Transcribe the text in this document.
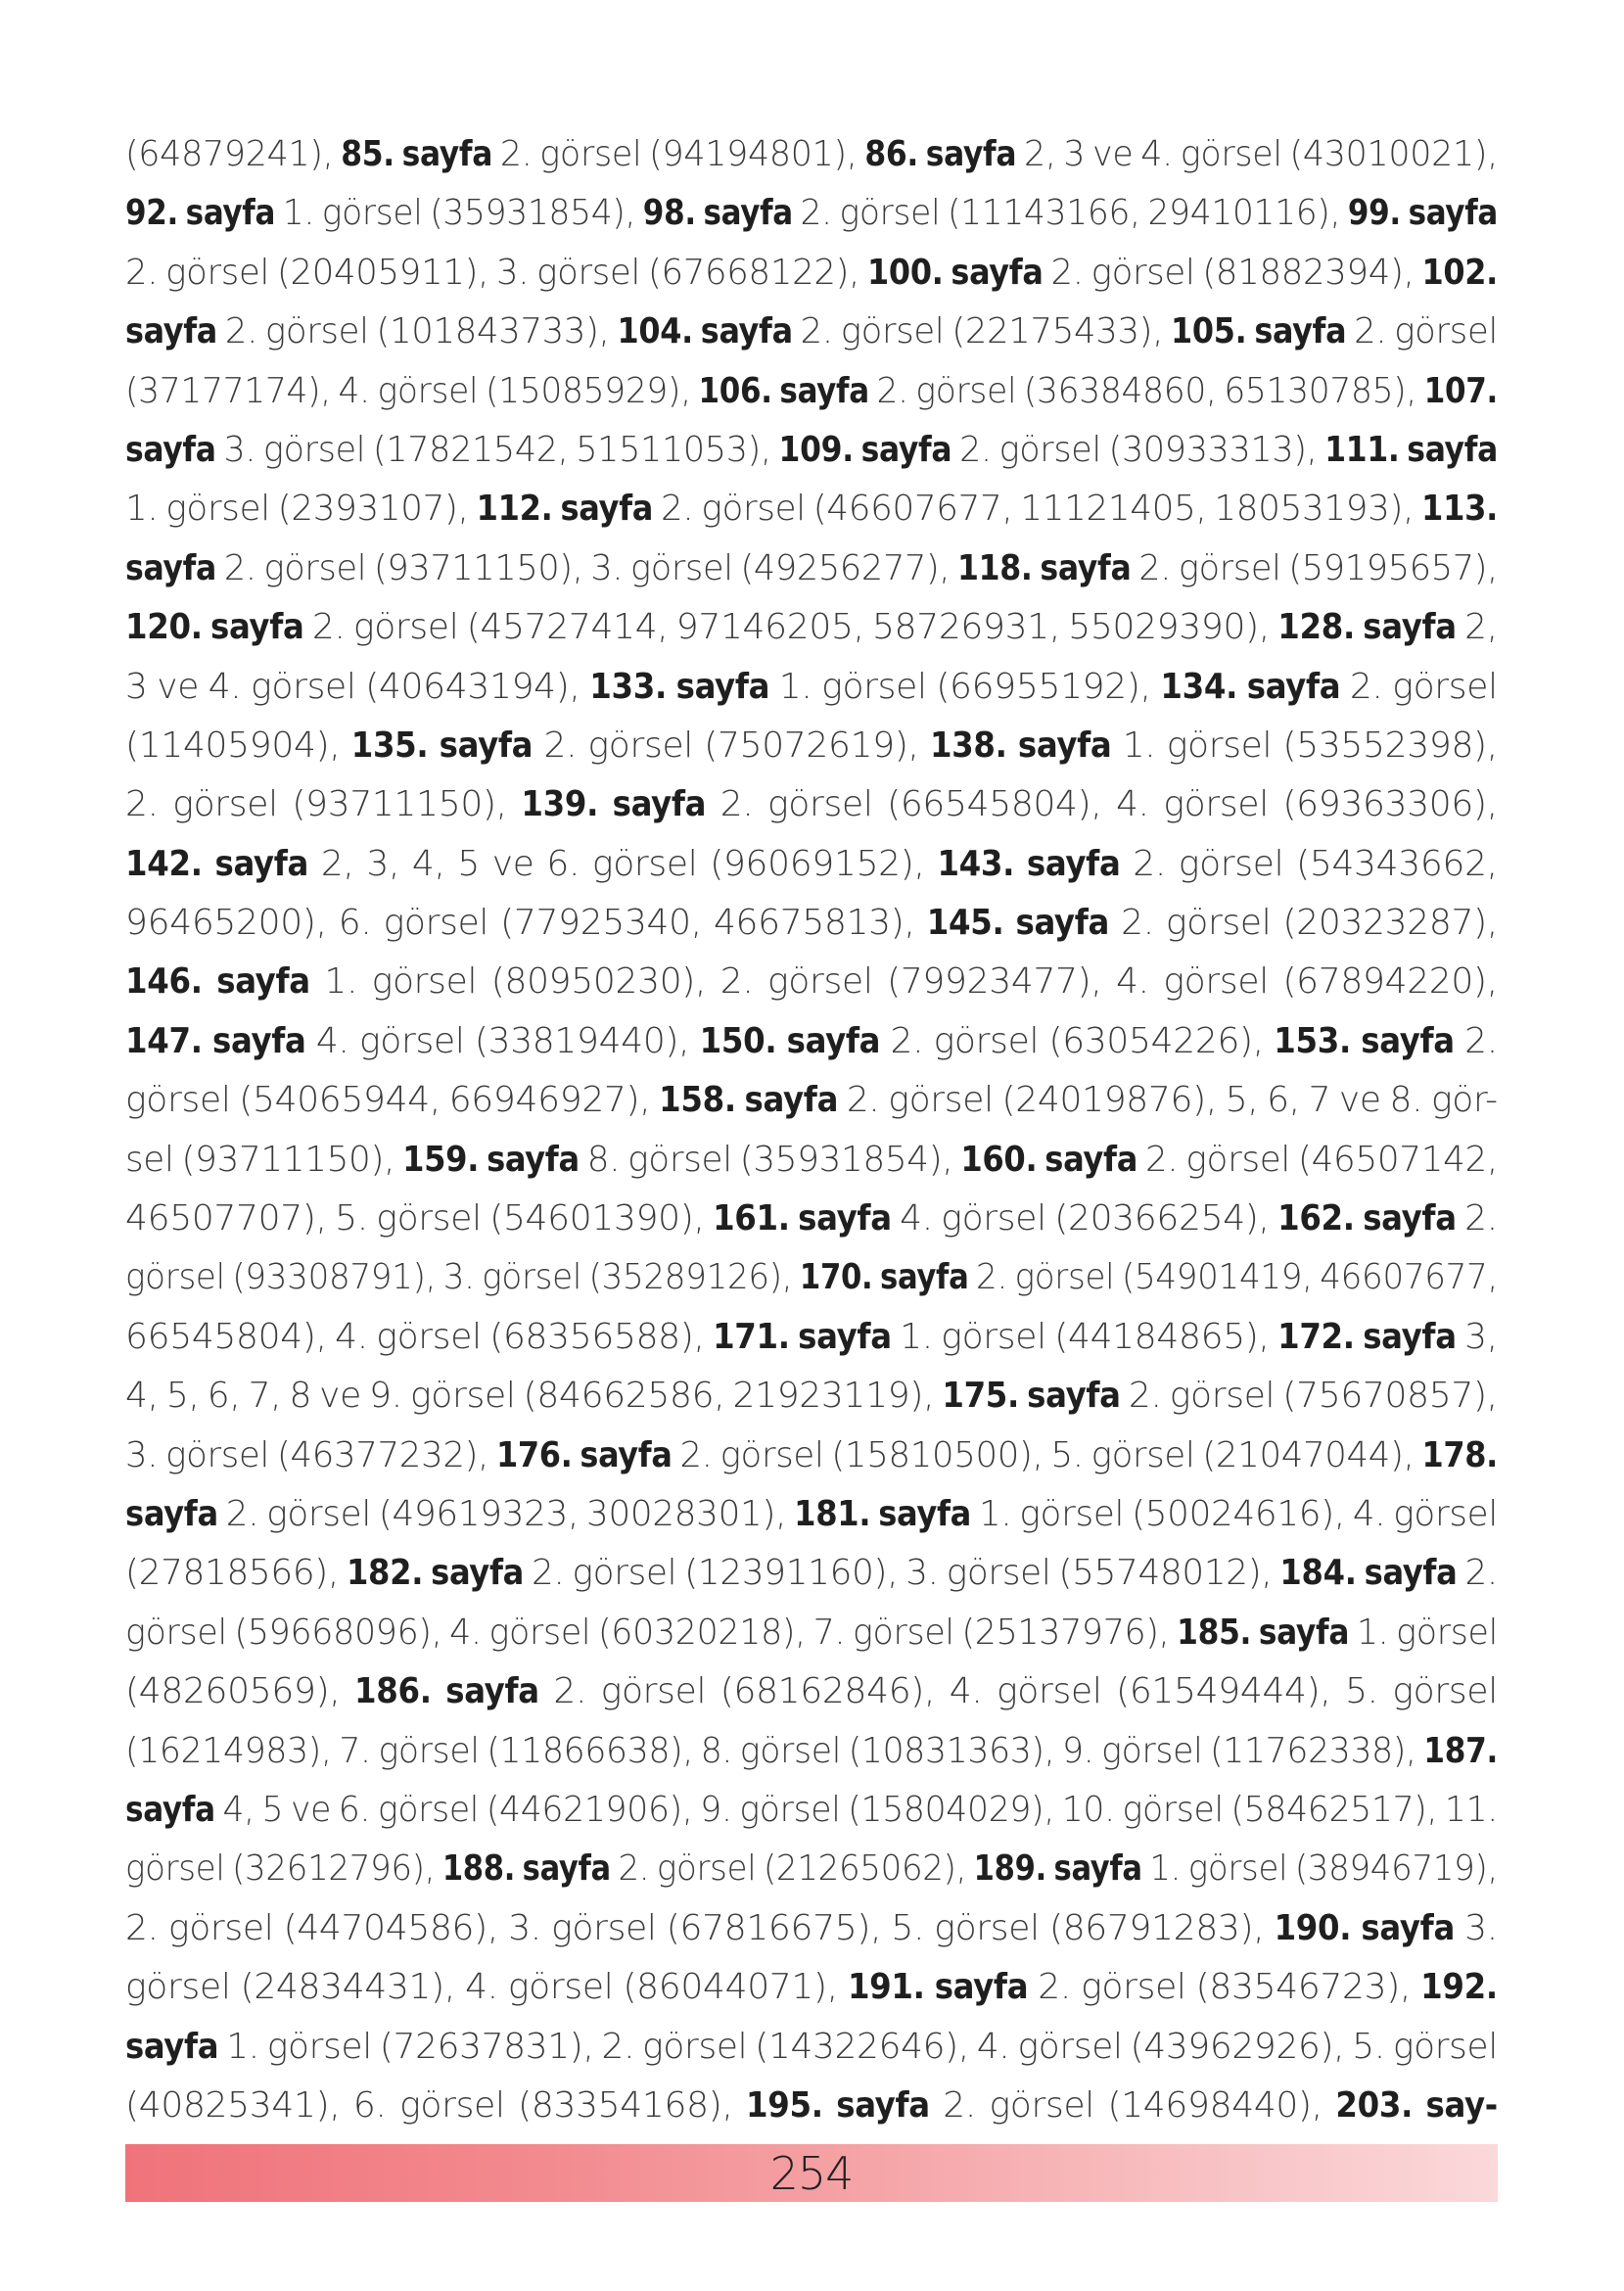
(64879241), 85. sayfa 2. görsel (94194801), 86. sayfa 2, 3 ve 4. görsel (43010021),
92. sayfa 1. görsel (35931854), 98. sayfa 2. görsel (11143166, 29410116), 99. sayfa
2. görsel (20405911), 3. görsel (67668122), 100. sayfa 2. görsel (81882394), 102.
sayfa 2. görsel (101843733), 104. sayfa 2. görsel (22175433), 105. sayfa 2. görsel
(37177174), 4. görsel (15085929), 106. sayfa 2. görsel (36384860, 65130785), 107.
sayfa 3. görsel (17821542, 51511053), 109. sayfa 2. görsel (30933313), 111. sayfa
1. görsel (2393107), 112. sayfa 2. görsel (46607677, 11121405, 18053193), 113.
sayfa 2. görsel (93711150), 3. görsel (49256277), 118. sayfa 2. görsel (59195657),
120. sayfa 2. görsel (45727414, 97146205, 58726931, 55029390), 128. sayfa 2,
3 ve 4. görsel (40643194), 133. sayfa 1. görsel (66955192), 134. sayfa 2. görsel
(11405904), 135. sayfa 2. görsel (75072619), 138. sayfa 1. görsel (53552398),
2. görsel (93711150), 139. sayfa 2. görsel (66545804), 4. görsel (69363306),
142. sayfa 2, 3, 4, 5 ve 6. görsel (96069152), 143. sayfa 2. görsel (54343662,
96465200), 6. görsel (77925340, 46675813), 145. sayfa 2. görsel (20323287),
146. sayfa 1. görsel (80950230), 2. görsel (79923477), 4. görsel (67894220),
147. sayfa 4. görsel (33819440), 150. sayfa 2. görsel (63054226), 153. sayfa 2.
görsel (54065944, 66946927), 158. sayfa 2. görsel (24019876), 5, 6, 7 ve 8. gör-
sel (93711150), 159. sayfa 8. görsel (35931854), 160. sayfa 2. görsel (46507142,
46507707), 5. görsel (54601390), 161. sayfa 4. görsel (20366254), 162. sayfa 2.
görsel (93308791), 3. görsel (35289126), 170. sayfa 2. görsel (54901419, 46607677,
66545804), 4. görsel (68356588), 171. sayfa 1. görsel (44184865), 172. sayfa 3,
4, 5, 6, 7, 8 ve 9. görsel (84662586, 21923119), 175. sayfa 2. görsel (75670857),
3. görsel (46377232), 176. sayfa 2. görsel (15810500), 5. görsel (21047044), 178.
sayfa 2. görsel (49619323, 30028301), 181. sayfa 1. görsel (50024616), 4. görsel
(27818566), 182. sayfa 2. görsel (12391160), 3. görsel (55748012), 184. sayfa 2.
görsel (59668096), 4. görsel (60320218), 7. görsel (25137976), 185. sayfa 1. görsel
(48260569), 186. sayfa 2. görsel (68162846), 4. görsel (61549444), 5. görsel
(16214983), 7. görsel (11866638), 8. görsel (10831363), 9. görsel (11762338), 187.
sayfa 4, 5 ve 6. görsel (44621906), 9. görsel (15804029), 10. görsel (58462517), 11.
görsel (32612796), 188. sayfa 2. görsel (21265062), 189. sayfa 1. görsel (38946719),
2. görsel (44704586), 3. görsel (67816675), 5. görsel (86791283), 190. sayfa 3.
görsel (24834431), 4. görsel (86044071), 191. sayfa 2. görsel (83546723), 192.
sayfa 1. görsel (72637831), 2. görsel (14322646), 4. görsel (43962926), 5. görsel
(40825341), 6. görsel (83354168), 195. sayfa 2. görsel (14698440), 203. say-
254
